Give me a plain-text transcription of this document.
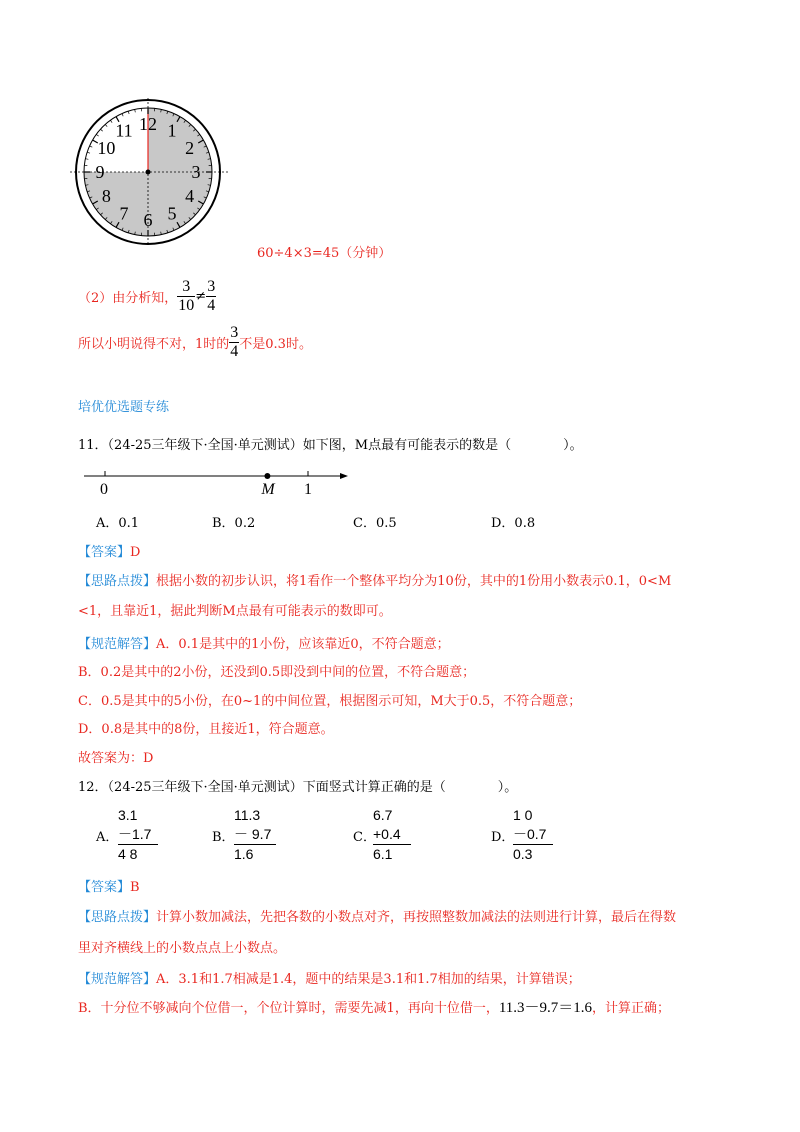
12 1
2
3
4
5
6
7
8
9
10
11
60÷4×3=45（分钟）
（2）由分析知， $\frac{3}{10} \ne \frac{3}{4}$
所以小明说得不对，1时的 $\frac{3}{4}$ 不是0.3时。
培优优选题专练
11．（24-25三年级下·全国·单元测试）如下图，M点最有可能表示的数是（　　　　）。
0	M 1
A．0.1	B．0.2	C．0.5	D．0.8
【答案】D
【思路点拨】根据小数的初步认识，将1看作一个整体平均分为10份，其中的1份用小数表示0.1，0<M
<1，且靠近1，据此判断M点最有可能表示的数即可。
【规范解答】A．0.1是其中的1小份，应该靠近0，不符合题意；
B．0.2是其中的2小份，还没到0.5即没到中间的位置，不符合题意；
C．0.5是其中的5小份，在0~1的中间位置，根据图示可知，M大于0.5，不符合题意；
D．0.8是其中的8份，且接近1，符合题意。
故答案为：D
12．（24-25三年级下·全国·单元测试）下面竖式计算正确的是（　　　　）。
A．
3.1
－1.7
4 8
B．
11.3
－ 9.7
1.6
C．
6.7
+0.4
6.1
D．
1 0
－0.7
0.3
【答案】B
【思路点拨】计算小数加减法，先把各数的小数点对齐，再按照整数加减法的法则进行计算，最后在得数
里对齐横线上的小数点点上小数点。
【规范解答】A．3.1和1.7相减是1.4，题中的结果是3.1和1.7相加的结果，计算错误；
B．十分位不够减向个位借一，个位计算时，需要先减1，再向十位借一，11.3－9.7＝1.6，计算正确；
